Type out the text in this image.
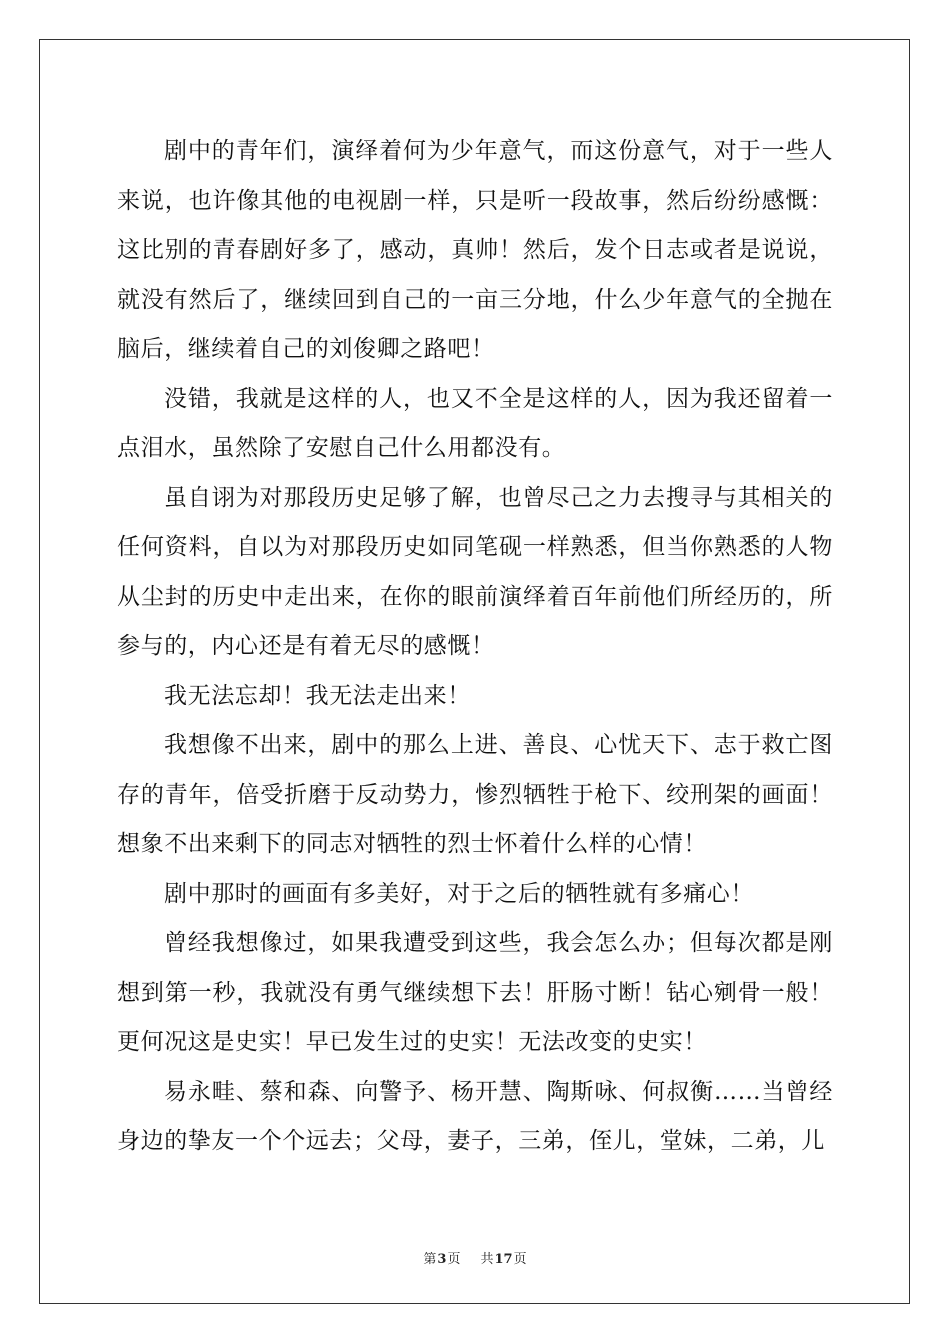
剧中的青年们，演绎着何为少年意气，而这份意气，对于一些人来说，也许像其他的电视剧一样，只是听一段故事，然后纷纷感慨：这比别的青春剧好多了，感动，真帅！然后，发个日志或者是说说，就没有然后了，继续回到自己的一亩三分地，什么少年意气的全抛在脑后，继续着自己的刘俊卿之路吧！

没错，我就是这样的人，也又不全是这样的人，因为我还留着一点泪水，虽然除了安慰自己什么用都没有。

虽自诩为对那段历史足够了解，也曾尽己之力去搜寻与其相关的任何资料，自以为对那段历史如同笔砚一样熟悉，但当你熟悉的人物从尘封的历史中走出来，在你的眼前演绎着百年前他们所经历的，所参与的，内心还是有着无尽的感慨！

我无法忘却！我无法走出来！

我想像不出来，剧中的那么上进、善良、心忧天下、志于救亡图存的青年，倍受折磨于反动势力，惨烈牺牲于枪下、绞刑架的画面！想象不出来剩下的同志对牺牲的烈士怀着什么样的心情！

剧中那时的画面有多美好，对于之后的牺牲就有多痛心！

曾经我想像过，如果我遭受到这些，我会怎么办；但每次都是刚想到第一秒，我就没有勇气继续想下去！肝肠寸断！钻心剜骨一般！更何况这是史实！早已发生过的史实！无法改变的史实！

易永畦、蔡和森、向警予、杨开慧、陶斯咏、何叔衡……当曾经身边的挚友一个个远去；父母，妻子，三弟，侄儿，堂妹，二弟，儿

第3页 共17页
